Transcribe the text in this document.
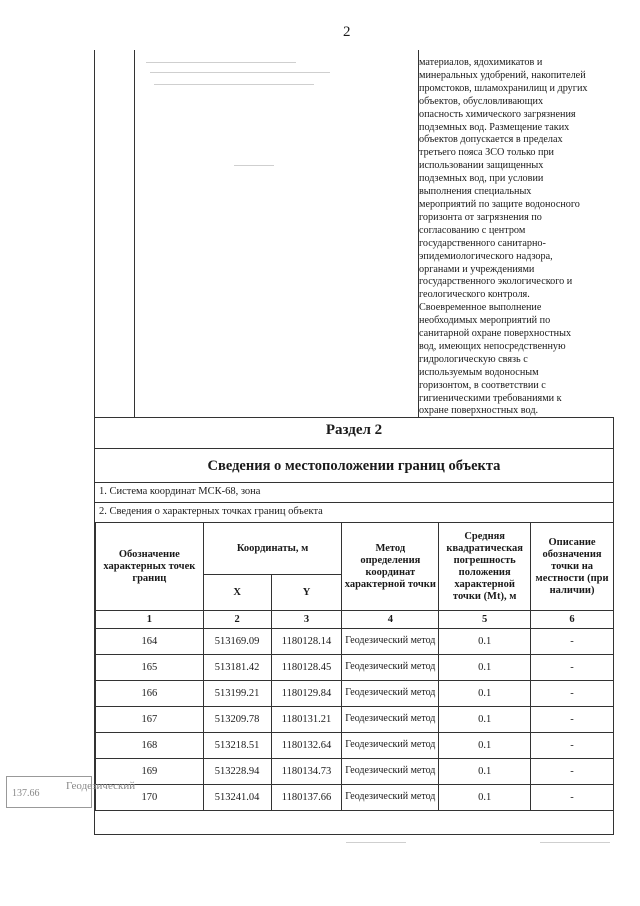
2
материалов, ядохимикатов и
минеральных удобрений, накопителей
промстоков, шламохранилищ и других
объектов, обусловливающих
опасность химического загрязнения
подземных вод. Размещение таких
объектов допускается в пределах
третьего пояса ЗСО только при
использовании защищенных
подземных вод, при условии
выполнения специальных
мероприятий по защите водоносного
горизонта от загрязнения по
согласованию с центром
государственного санитарно-
эпидемиологического надзора,
органами и учреждениями
государственного экологического и
геологического контроля.
Своевременное выполнение
необходимых мероприятий по
санитарной охране поверхностных
вод, имеющих непосредственную
гидрологическую связь с
используемым водоносным
горизонтом, в соответствии с
гигиеническими требованиями к
охране поверхностных вод.
Раздел 2
Сведения о местоположении границ объекта
1. Система координат МСК-68, зона
2. Сведения о характерных точках границ объекта
Обозначение характерных точек границ	Координаты, м		Метод определения координат характерной точки	Средняя квадратическая погрешность положения характерной точки (Mt), м	Описание обозначения точки на местности (при наличии)
	X	Y			
1	2	3	4	5	6
164	513169.09	1180128.14	Геодезический метод	0.1	-
165	513181.42	1180128.45	Геодезический метод	0.1	-
166	513199.21	1180129.84	Геодезический метод	0.1	-
167	513209.78	1180131.21	Геодезический метод	0.1	-
168	513218.51	1180132.64	Геодезический метод	0.1	-
169	513228.94	1180134.73	Геодезический метод	0.1	-
170	513241.04	1180137.66	Геодезический метод	0.1	-
137.66
Геодезический
